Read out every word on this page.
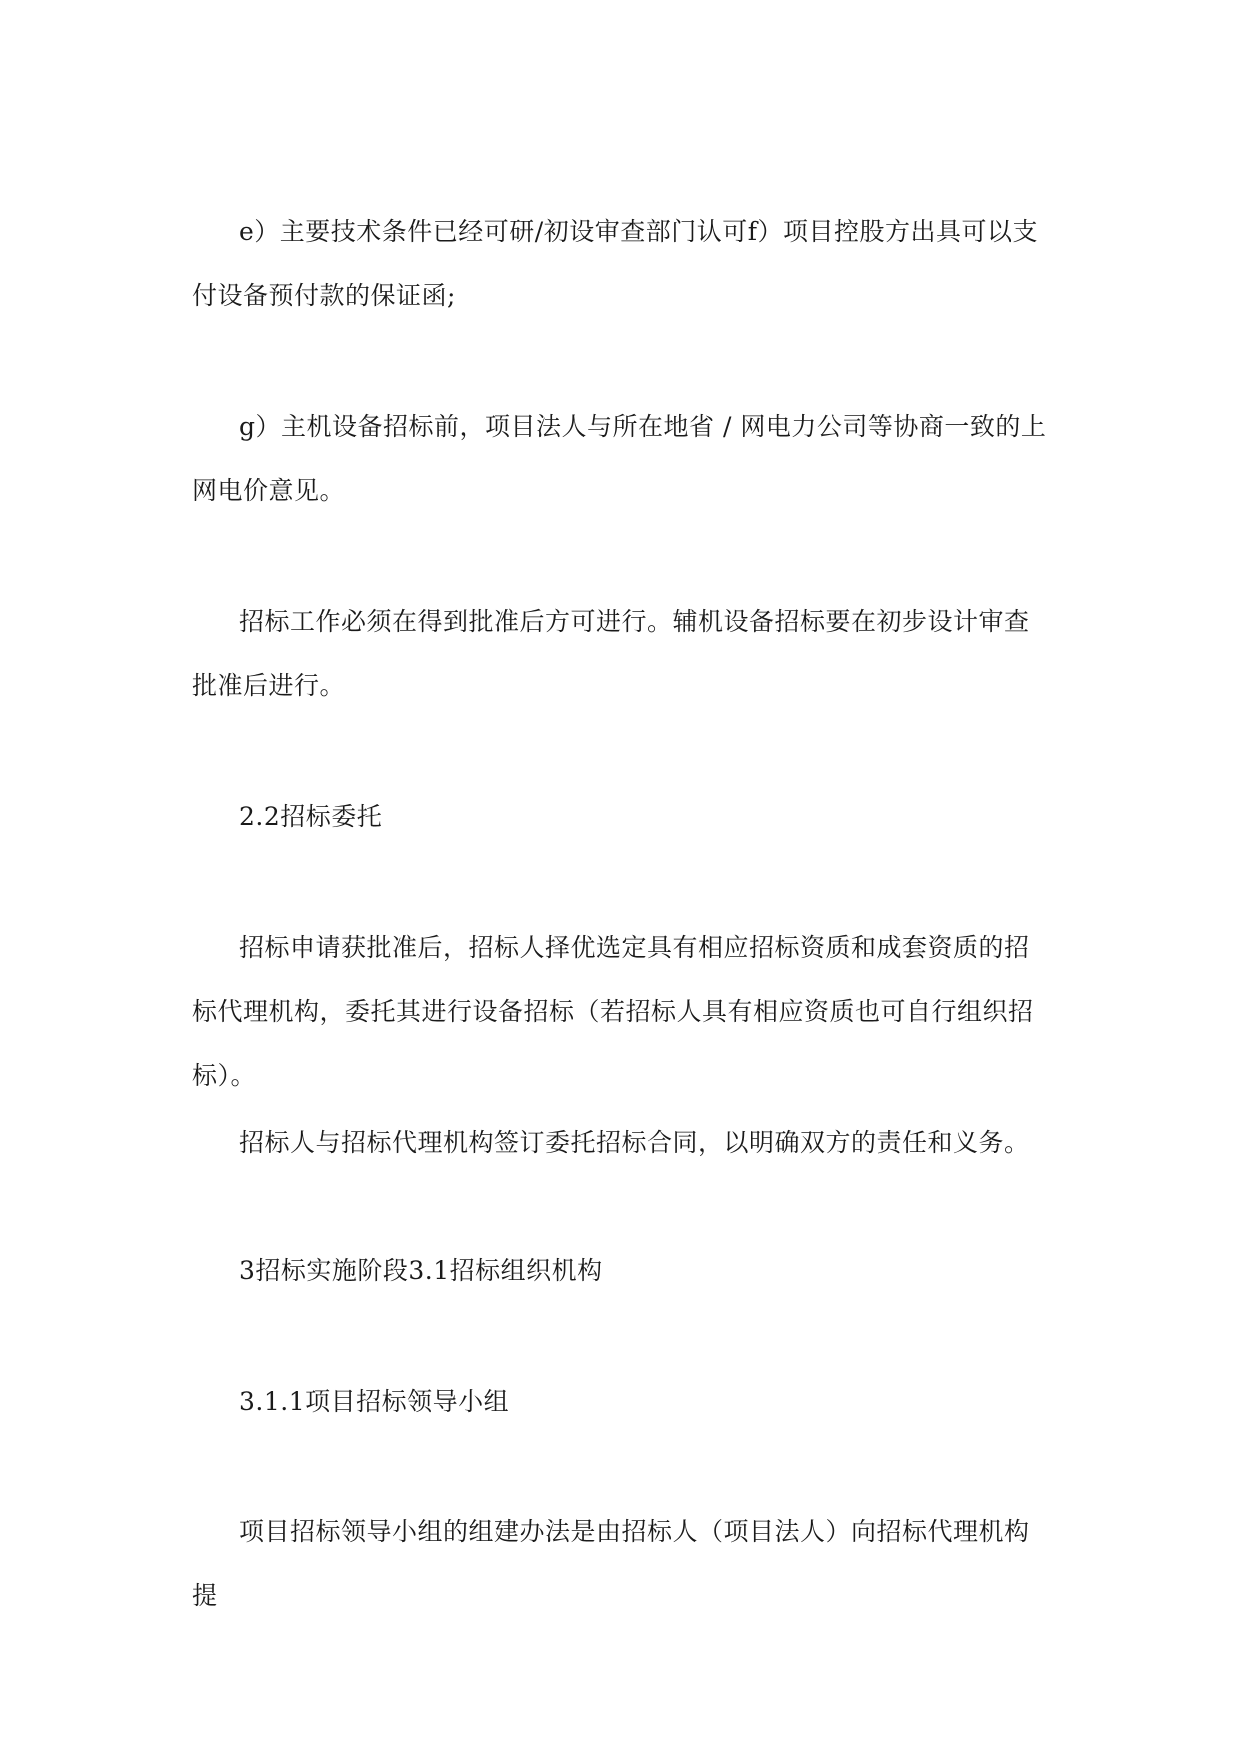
e）主要技术条件已经可研/初设审查部门认可f）项目控股方出具可以支付设备预付款的保证函;

g）主机设备招标前，项目法人与所在地省 / 网电力公司等协商一致的上网电价意见。

招标工作必须在得到批准后方可进行。辅机设备招标要在初步设计审查批准后进行。

2.2招标委托

招标申请获批准后，招标人择优选定具有相应招标资质和成套资质的招标代理机构，委托其进行设备招标（若招标人具有相应资质也可自行组织招标）。

招标人与招标代理机构签订委托招标合同，以明确双方的责任和义务。

3招标实施阶段3.1招标组织机构

3.1.1项目招标领导小组

项目招标领导小组的组建办法是由招标人（项目法人）向招标代理机构提
